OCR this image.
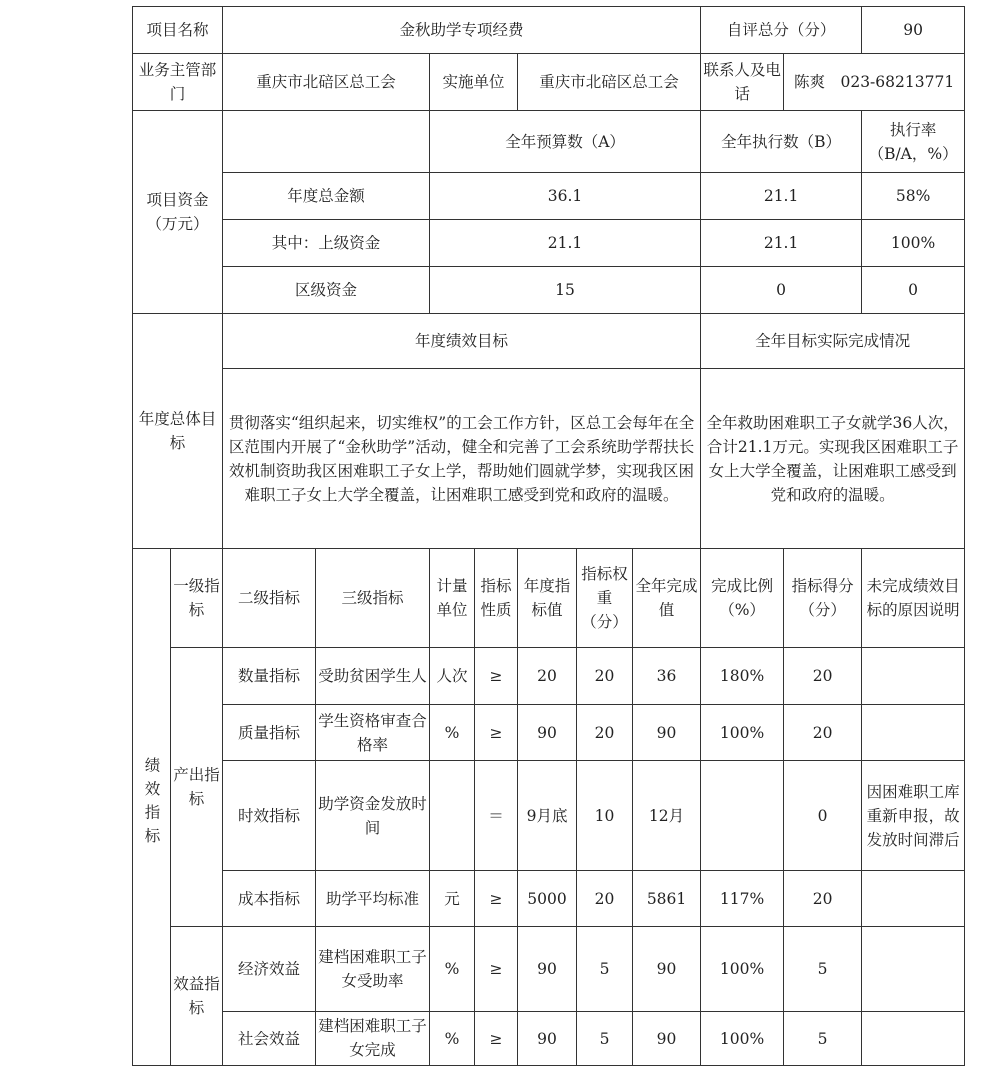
项目名称		金秋助学专项经费							自评总分（分）		90
业务主管部门		重庆市北碚区总工会		实施单位		重庆市北碚区总工会			联系人及电话	陈爽　023-68213771	
项目资金（万元）				全年预算数（A）					全年执行数（B）		执行率（B/A，%）
		年度总金额		36.1					21.1		58%
		其中：上级资金		21.1					21.1		100%
		区级资金		15					0		0
年度总体目标		年度绩效目标							全年目标实际完成情况		
		贯彻落实“组织起来，切实维权”的工会工作方针，区总工会每年在全区范围内开展了“金秋助学”活动，健全和完善了工会系统助学帮扶长效机制资助我区困难职工子女上学，帮助她们圆就学梦，实现我区困难职工子女上大学全覆盖，让困难职工感受到党和政府的温暖。							全年救助困难职工子女就学36人次，合计21.1万元。实现我区困难职工子女上大学全覆盖，让困难职工感受到党和政府的温暖。		
绩效指标	一级指标	二级指标	三级指标	计量单位	指标性质	年度指标值	指标权重（分）	全年完成值	完成比例（%）	指标得分（分）	未完成绩效目标的原因说明
	产出指标	数量指标	受助贫困学生人	人次	≥	20	20	36	180%	20	
		质量指标	学生资格审查合格率	%	≥	90	20	90	100%	20	
		时效指标	助学资金发放时间		＝	9月底	10	12月		0	因困难职工库重新申报，故发放时间滞后
		成本指标	助学平均标准	元	≥	5000	20	5861	117%	20	
	效益指标	经济效益	建档困难职工子女受助率	%	≥	90	5	90	100%	5	
		社会效益	建档困难职工子女完成	%	≥	90	5	90	100%	5	
